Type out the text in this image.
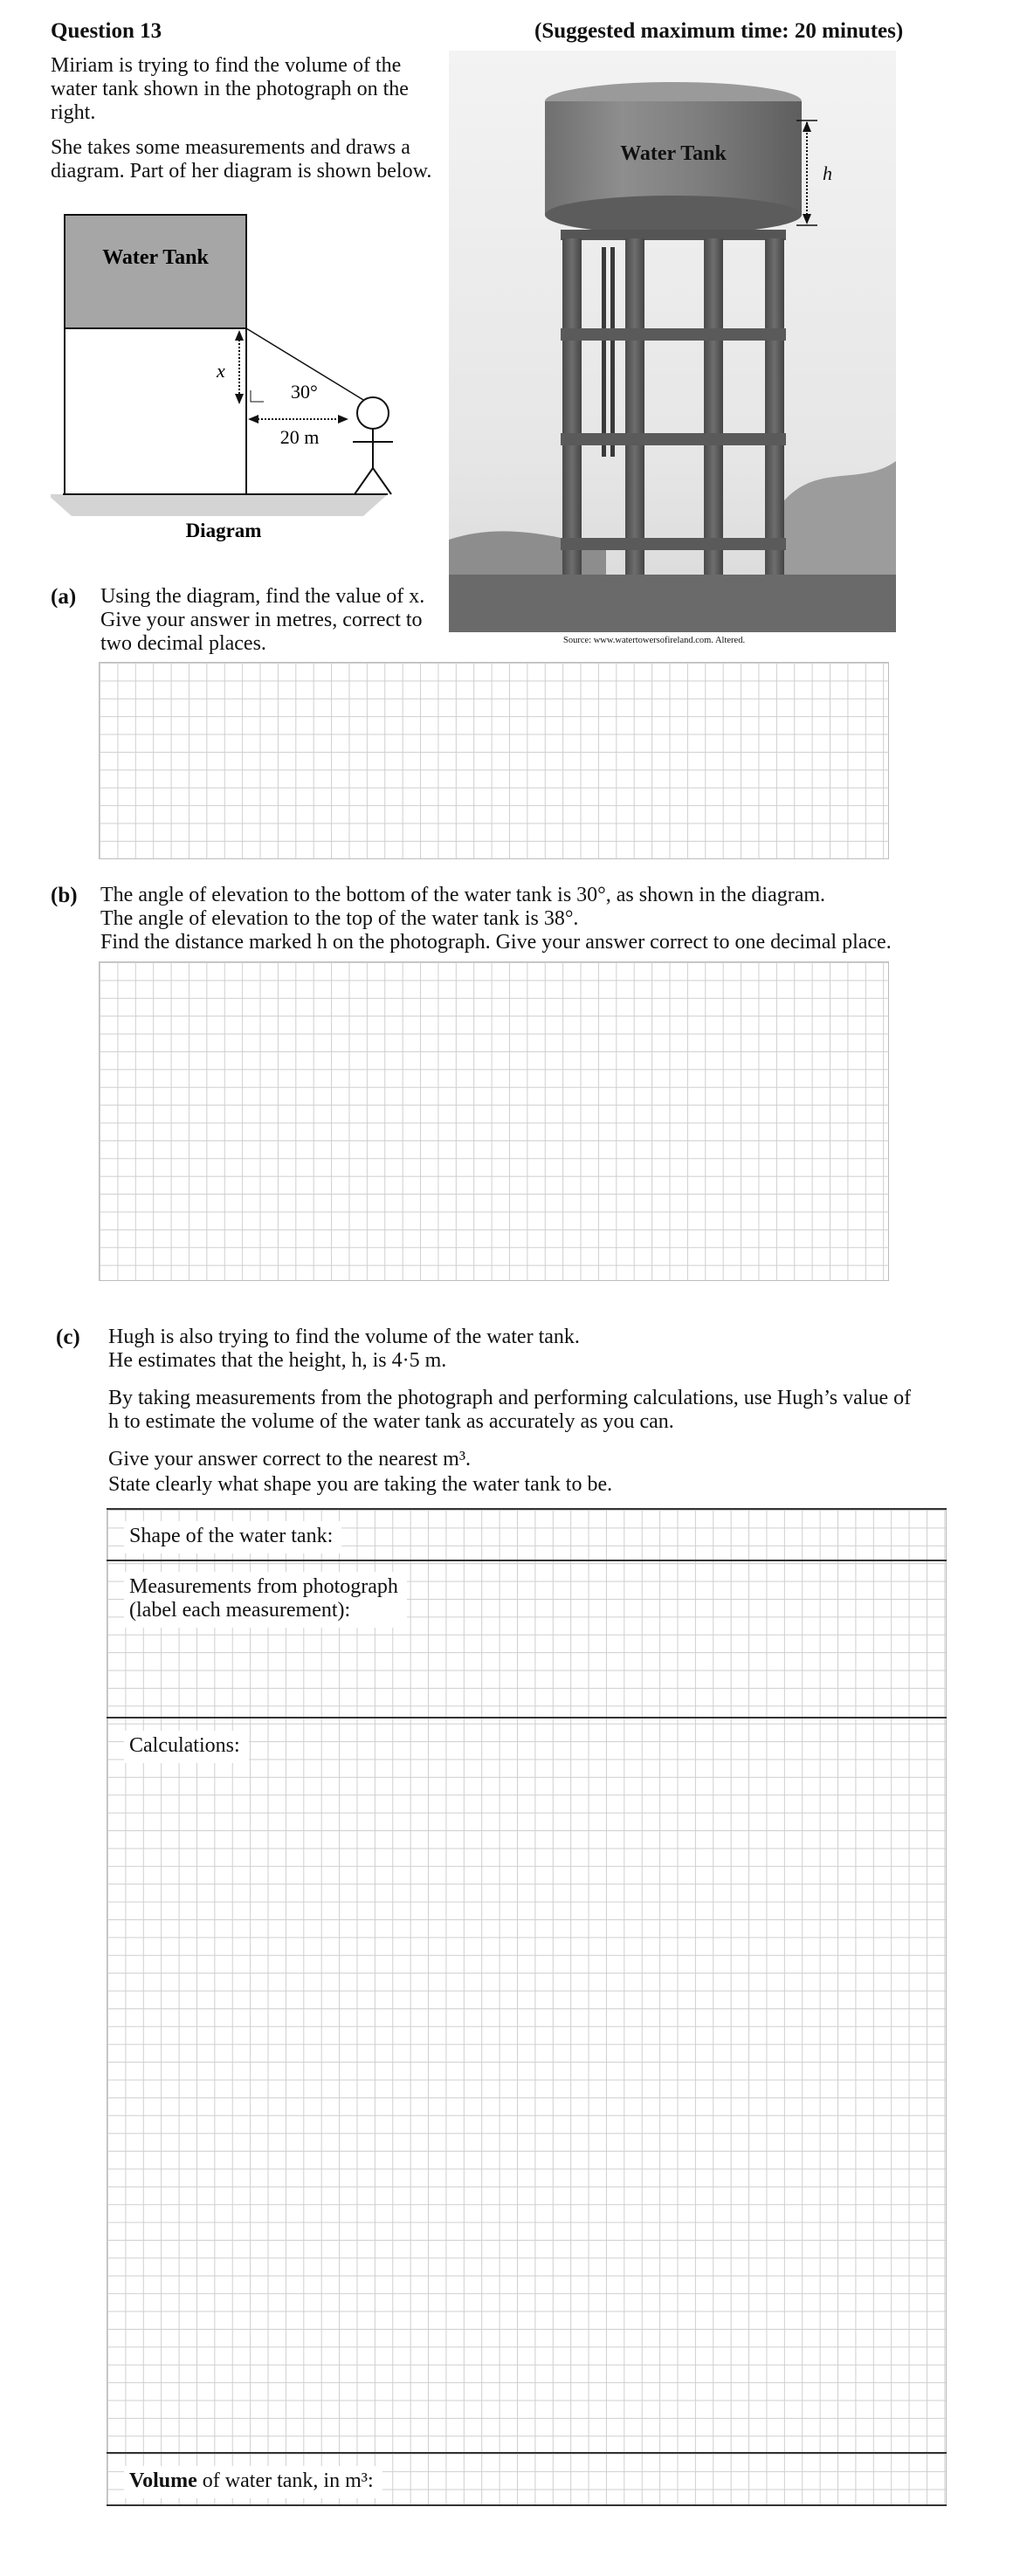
Question 13	(Suggested maximum time: 20 minutes)
Miriam is trying to find the volume of the water tank shown in the photograph on the right.
She takes some measurements and draws a diagram. Part of her diagram is shown below.
Water Tank
x
30°
20 m
Diagram
Water Tank
h
Source: www.watertowersofireland.com. Altered.
(a) Using the diagram, find the value of x. Give your answer in metres, correct to two decimal places.
(b) The angle of elevation to the bottom of the water tank is 30°, as shown in the diagram.
The angle of elevation to the top of the water tank is 38°.
Find the distance marked h on the photograph. Give your answer correct to one decimal place.
(c) Hugh is also trying to find the volume of the water tank.
He estimates that the height, h, is 4·5 m.
By taking measurements from the photograph and performing calculations, use Hugh’s value of h to estimate the volume of the water tank as accurately as you can.
Give your answer correct to the nearest m³.
State clearly what shape you are taking the water tank to be.
Shape of the water tank:
Measurements from photograph
(label each measurement):
Calculations:
Volume of water tank, in m³:
